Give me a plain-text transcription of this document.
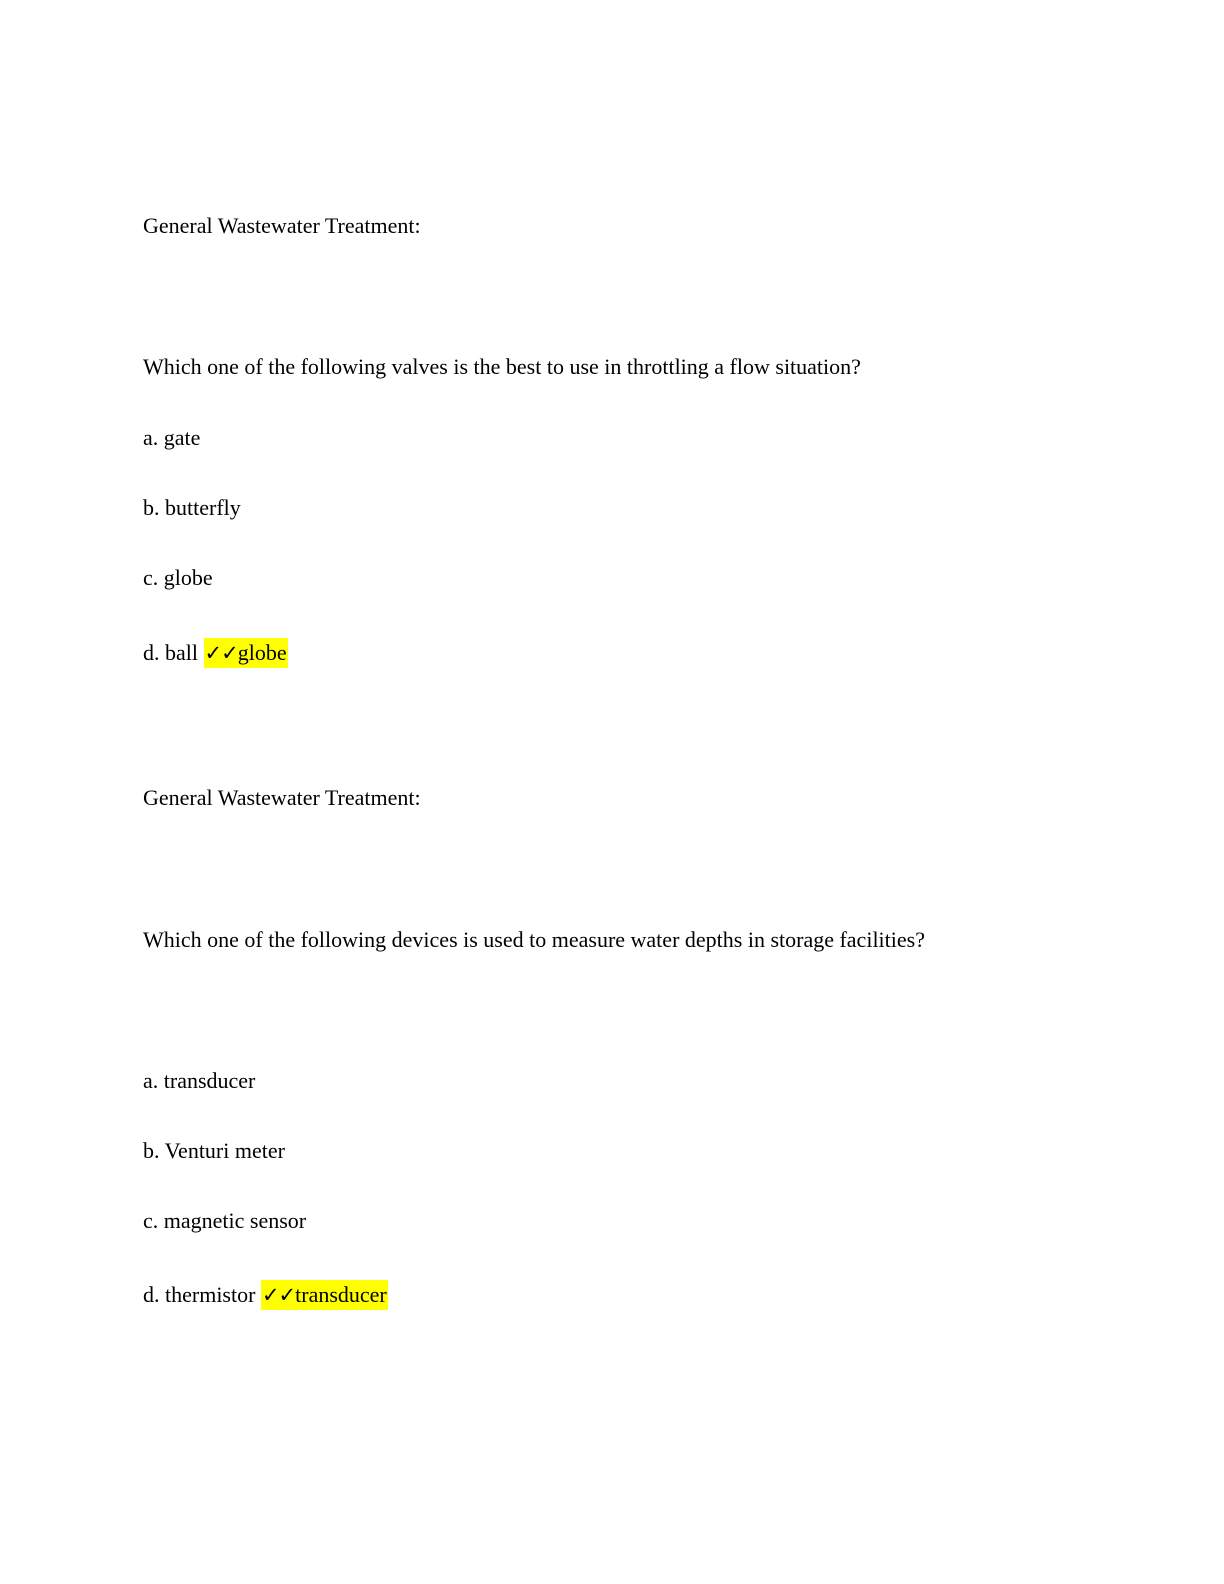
General Wastewater Treatment:
Which one of the following valves is the best to use in throttling a flow situation?
a. gate
b. butterfly
c. globe
d. ball ✓✓globe
General Wastewater Treatment:
Which one of the following devices is used to measure water depths in storage facilities?
a. transducer
b. Venturi meter
c. magnetic sensor
d. thermistor ✓✓transducer
